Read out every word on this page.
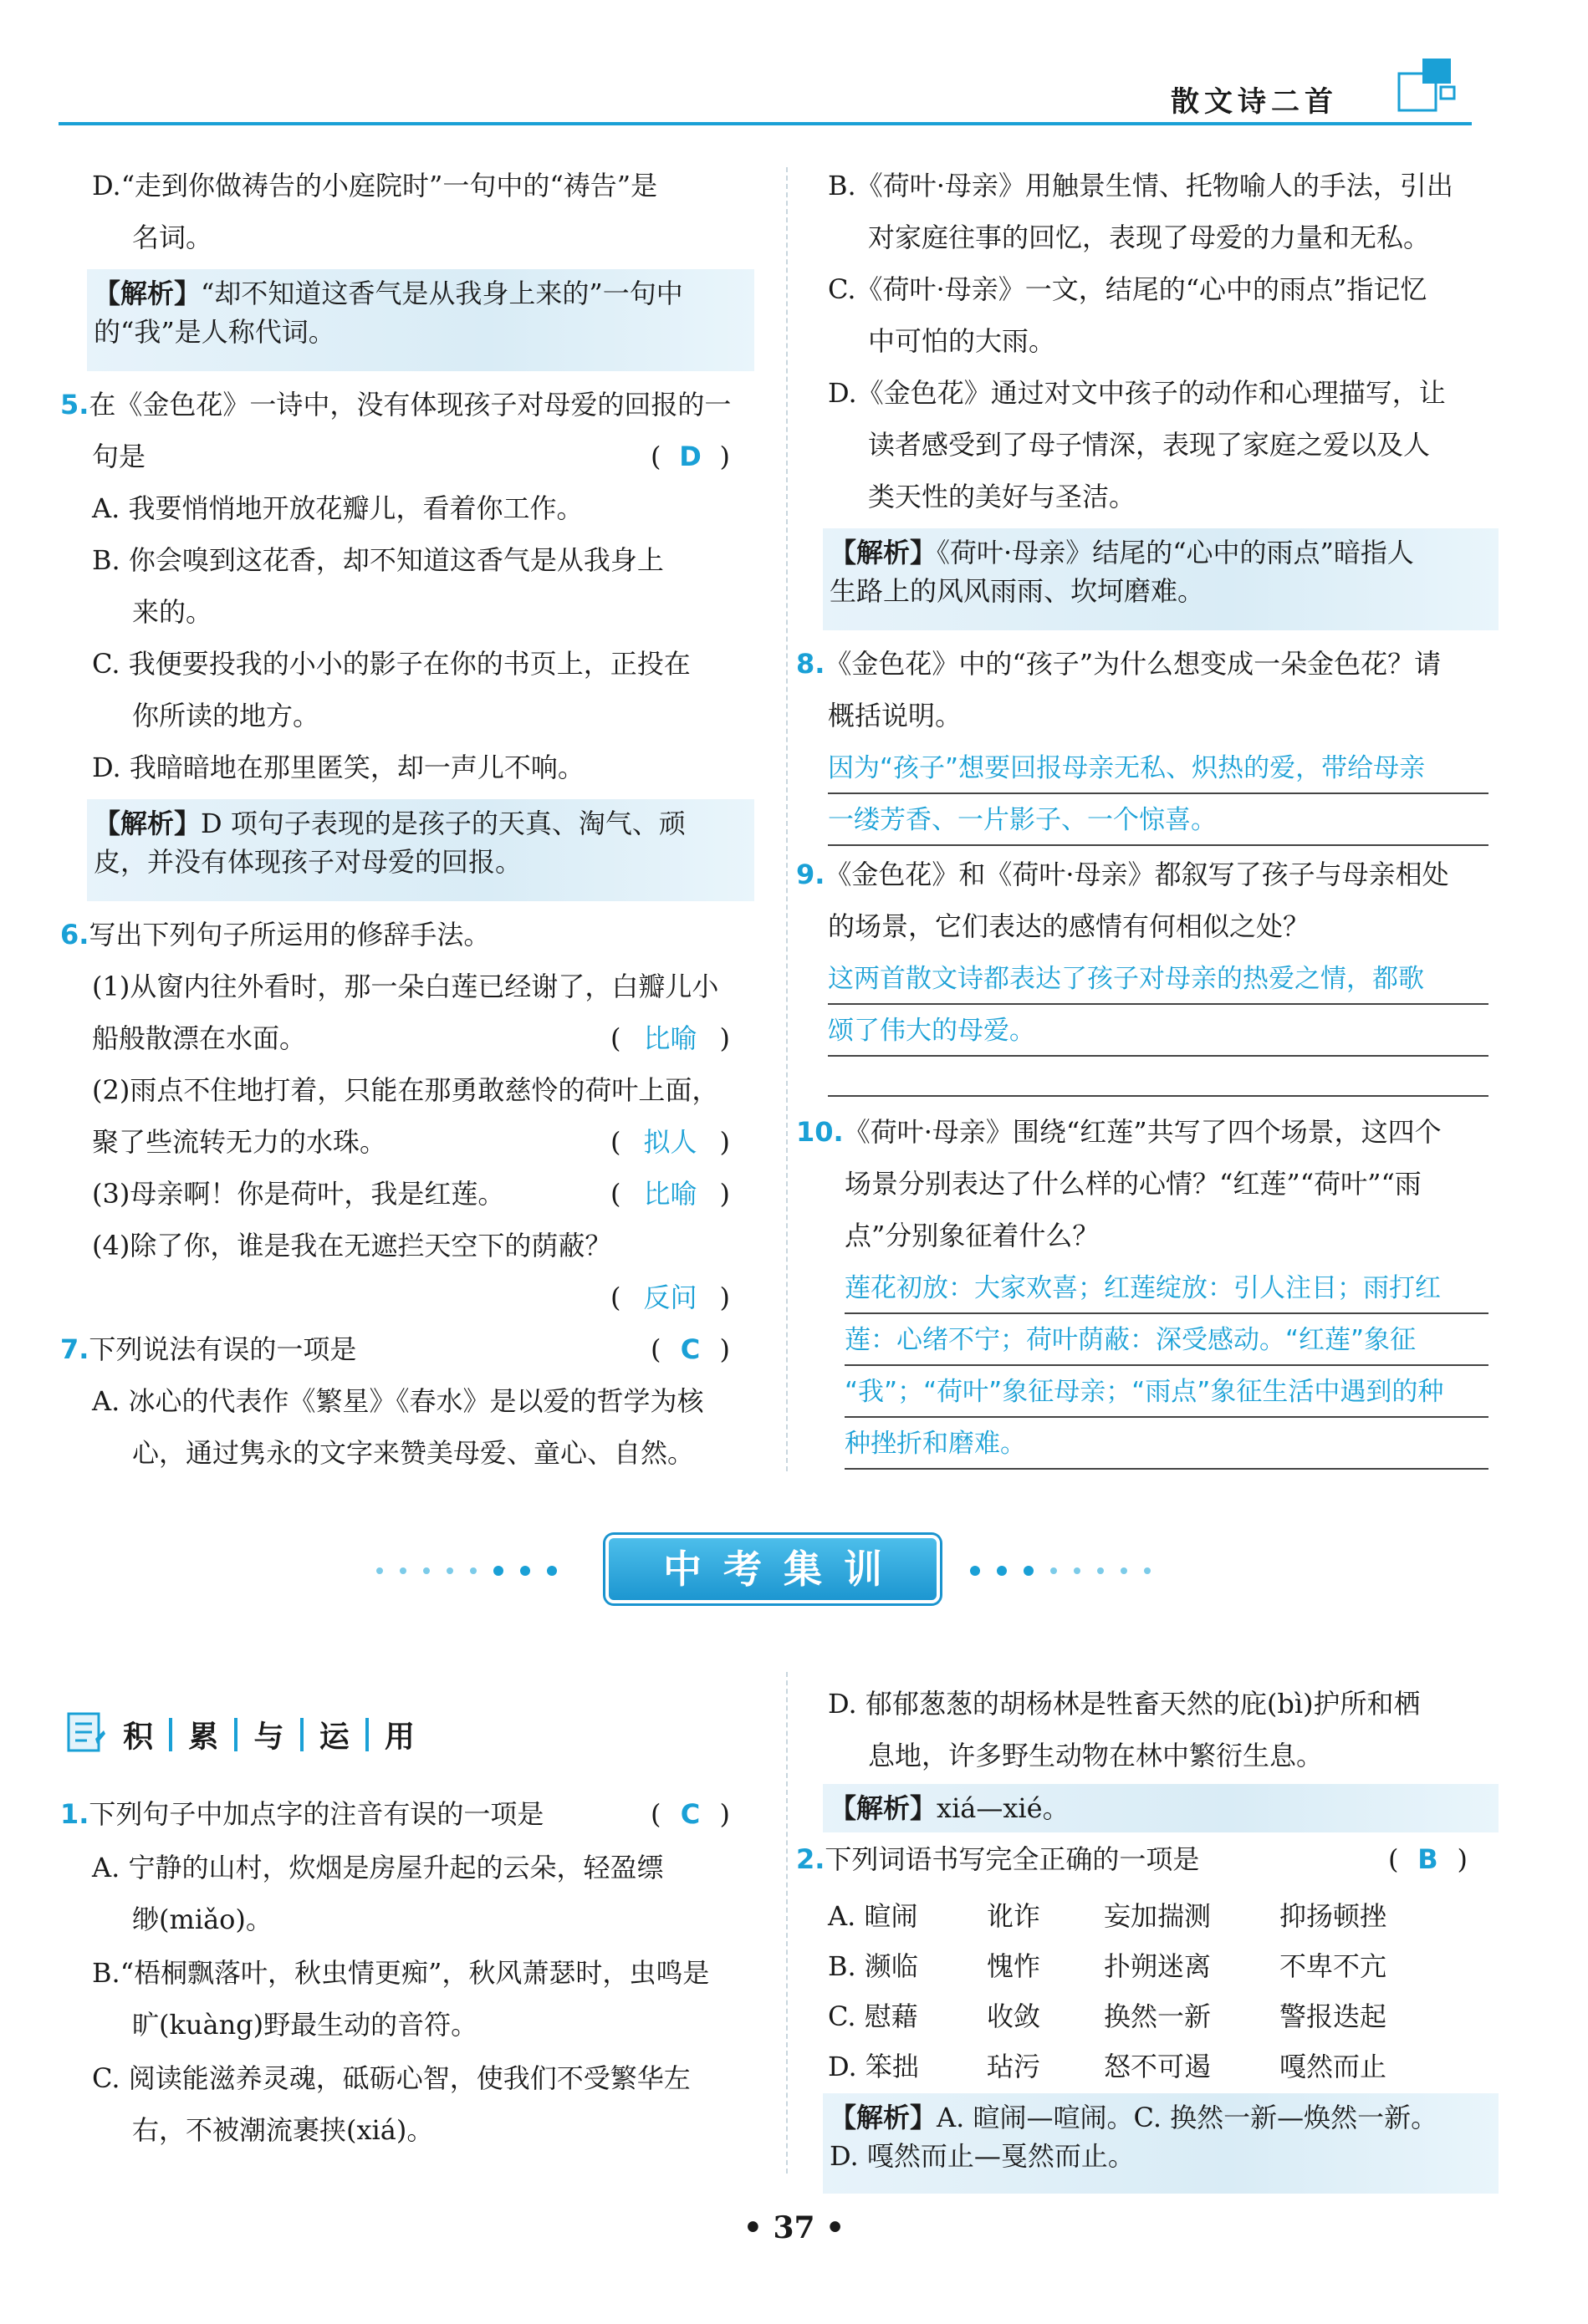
散文诗二首
D.“走到你做祷告的小庭院时”一句中的“祷告”是
名词。
【解析】“却不知道这香气是从我身上来的”一句中
的“我”是人称代词。
5.在《金色花》一诗中，没有体现孩子对母爱的回报的一
句是	( D )
A. 我要悄悄地开放花瓣儿，看着你工作。
B. 你会嗅到这花香，却不知道这香气是从我身上
来的。
C. 我便要投我的小小的影子在你的书页上，正投在
你所读的地方。
D. 我暗暗地在那里匿笑，却一声儿不响。
【解析】D 项句子表现的是孩子的天真、淘气、顽
皮，并没有体现孩子对母爱的回报。
6.写出下列句子所运用的修辞手法。
(1)从窗内往外看时，那一朵白莲已经谢了，白瓣儿小
船般散漂在水面。	( 比喻 )
(2)雨点不住地打着，只能在那勇敢慈怜的荷叶上面，
聚了些流转无力的水珠。	( 拟人 )
(3)母亲啊！你是荷叶，我是红莲。	( 比喻 )
(4)除了你，谁是我在无遮拦天空下的荫蔽？
( 反问 )
7.下列说法有误的一项是	( C )
A. 冰心的代表作《繁星》《春水》是以爱的哲学为核
心，通过隽永的文字来赞美母爱、童心、自然。
B.《荷叶·母亲》用触景生情、托物喻人的手法，引出
对家庭往事的回忆，表现了母爱的力量和无私。
C.《荷叶·母亲》一文，结尾的“心中的雨点”指记忆
中可怕的大雨。
D.《金色花》通过对文中孩子的动作和心理描写，让
读者感受到了母子情深，表现了家庭之爱以及人
类天性的美好与圣洁。
【解析】《荷叶·母亲》结尾的“心中的雨点”暗指人
生路上的风风雨雨、坎坷磨难。
8.《金色花》中的“孩子”为什么想变成一朵金色花？请
概括说明。
因为“孩子”想要回报母亲无私、炽热的爱，带给母亲
一缕芳香、一片影子、一个惊喜。
9.《金色花》和《荷叶·母亲》都叙写了孩子与母亲相处
的场景，它们表达的感情有何相似之处？
这两首散文诗都表达了孩子对母亲的热爱之情，都歌
颂了伟大的母爱。
10.《荷叶·母亲》围绕“红莲”共写了四个场景，这四个
场景分别表达了什么样的心情？“红莲”“荷叶”“雨
点”分别象征着什么？
莲花初放：大家欢喜；红莲绽放：引人注目；雨打红
莲：心绪不宁；荷叶荫蔽：深受感动。“红莲”象征
“我”；“荷叶”象征母亲；“雨点”象征生活中遇到的种
种挫折和磨难。
中考集训
积 累 与 运 用
1.下列句子中加点字的注音有误的一项是	( C )
A. 宁静的山村，炊烟是房屋升起的云朵，轻盈缥
缈(miǎo)。
B.“梧桐飘落叶，秋虫情更痴”，秋风萧瑟时，虫鸣是
旷(kuàng)野最生动的音符。
C. 阅读能滋养灵魂，砥砺心智，使我们不受繁华左
右，不被潮流裹挟(xiá)。
D. 郁郁葱葱的胡杨林是牲畜天然的庇(bì)护所和栖
息地，许多野生动物在林中繁衍生息。
【解析】xiá—xié。
2.下列词语书写完全正确的一项是	( B )
A. 暄闹	讹诈	妄加揣测	抑扬顿挫
B. 濒临	愧怍	扑朔迷离	不卑不亢
C. 慰藉	收敛	换然一新	警报迭起
D. 笨拙	玷污	怒不可遏	嘎然而止
【解析】A. 暄闹—喧闹。C. 换然一新—焕然一新。
D. 嘎然而止—戛然而止。
• 37 •
